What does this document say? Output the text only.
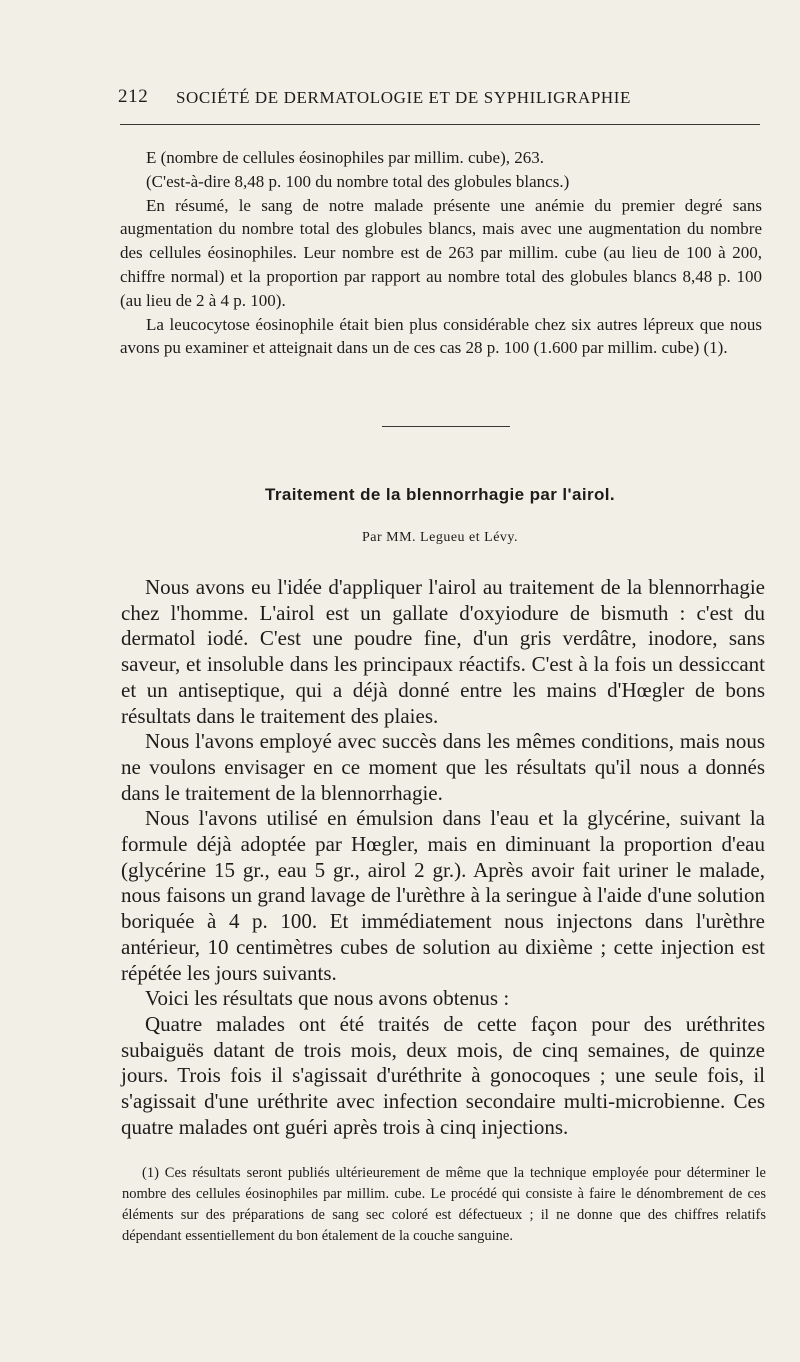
212 SOCIÉTÉ DE DERMATOLOGIE ET DE SYPHILIGRAPHIE

E (nombre de cellules éosinophiles par millim. cube), 263.

(C'est-à-dire 8,48 p. 100 du nombre total des globules blancs.)

En résumé, le sang de notre malade présente une anémie du premier degré sans augmentation du nombre total des globules blancs, mais avec une augmentation du nombre des cellules éosinophiles. Leur nombre est de 263 par millim. cube (au lieu de 100 à 200, chiffre normal) et la proportion par rapport au nombre total des globules blancs 8,48 p. 100 (au lieu de 2 à 4 p. 100).

La leucocytose éosinophile était bien plus considérable chez six autres lépreux que nous avons pu examiner et atteignait dans un de ces cas 28 p. 100 (1.600 par millim. cube) (1).

Traitement de la blennorrhagie par l'airol.
Par MM. Legueu et Lévy.

Nous avons eu l'idée d'appliquer l'airol au traitement de la blennorrhagie chez l'homme. L'airol est un gallate d'oxyiodure de bismuth : c'est du dermatol iodé. C'est une poudre fine, d'un gris verdâtre, inodore, sans saveur, et insoluble dans les principaux réactifs. C'est à la fois un dessiccant et un antiseptique, qui a déjà donné entre les mains d'Hœgler de bons résultats dans le traitement des plaies.

Nous l'avons employé avec succès dans les mêmes conditions, mais nous ne voulons envisager en ce moment que les résultats qu'il nous a donnés dans le traitement de la blennorrhagie.

Nous l'avons utilisé en émulsion dans l'eau et la glycérine, suivant la formule déjà adoptée par Hœgler, mais en diminuant la proportion d'eau (glycérine 15 gr., eau 5 gr., airol 2 gr.). Après avoir fait uriner le malade, nous faisons un grand lavage de l'urèthre à la seringue à l'aide d'une solution boriquée à 4 p. 100. Et immédiatement nous injectons dans l'urèthre antérieur, 10 centimètres cubes de solution au dixième ; cette injection est répétée les jours suivants.

Voici les résultats que nous avons obtenus :

Quatre malades ont été traités de cette façon pour des uréthrites subaiguës datant de trois mois, deux mois, de cinq semaines, de quinze jours. Trois fois il s'agissait d'uréthrite à gonocoques ; une seule fois, il s'agissait d'une uréthrite avec infection secondaire multi-microbienne. Ces quatre malades ont guéri après trois à cinq injections.

(1) Ces résultats seront publiés ultérieurement de même que la technique employée pour déterminer le nombre des cellules éosinophiles par millim. cube. Le procédé qui consiste à faire le dénombrement de ces éléments sur des préparations de sang sec coloré est défectueux ; il ne donne que des chiffres relatifs dépendant essentiellement du bon étalement de la couche sanguine.
